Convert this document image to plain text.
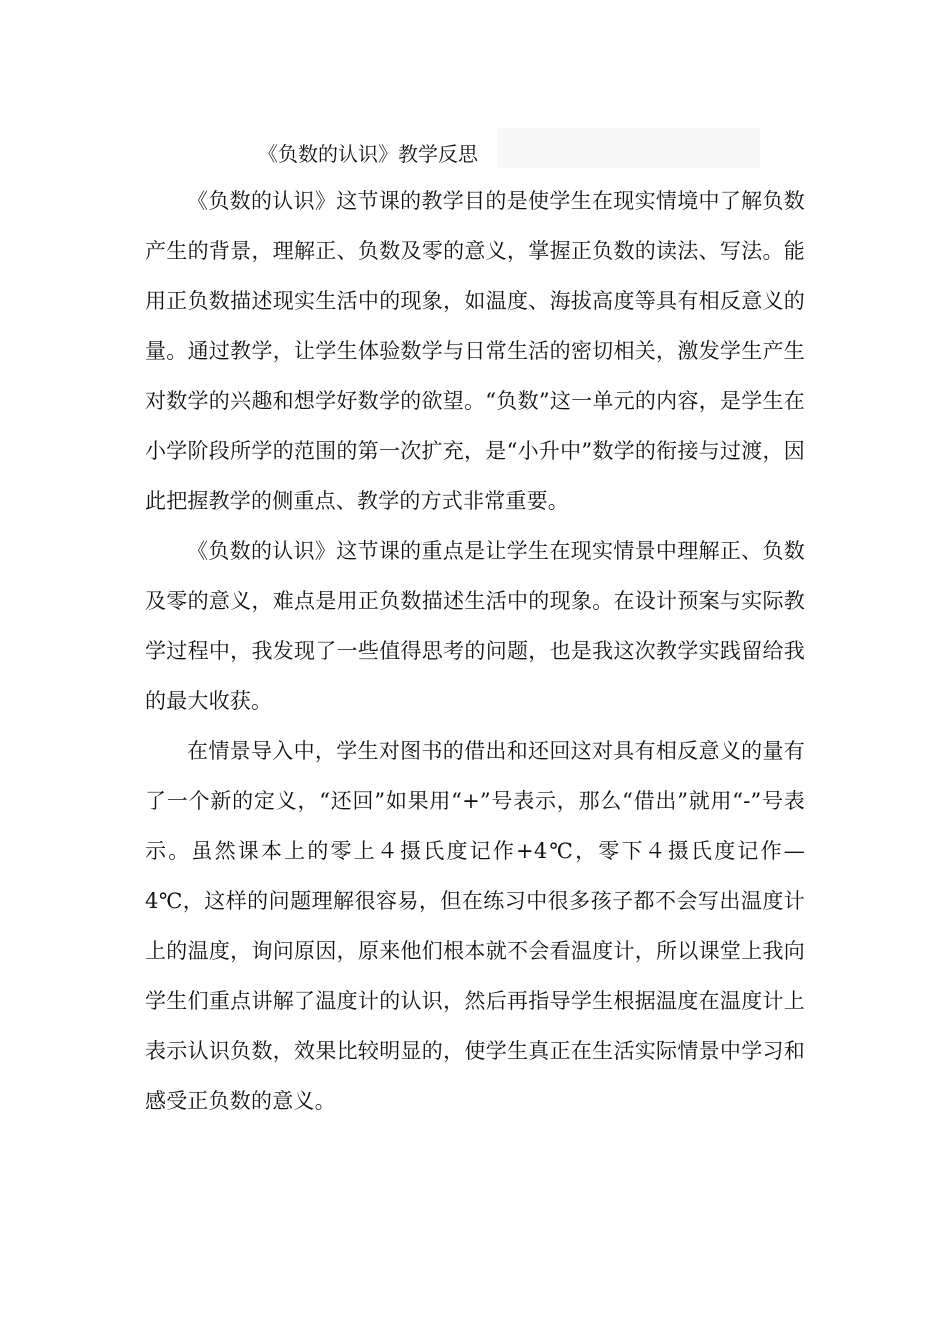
《负数的认识》教学反思

《负数的认识》这节课的教学目的是使学生在现实情境中了解负数产生的背景，理解正、负数及零的意义，掌握正负数的读法、写法。能用正负数描述现实生活中的现象，如温度、海拔高度等具有相反意义的量。通过教学，让学生体验数学与日常生活的密切相关，激发学生产生对数学的兴趣和想学好数学的欲望。“负数”这一单元的内容，是学生在小学阶段所学的范围的第一次扩充，是“小升中”数学的衔接与过渡，因此把握教学的侧重点、教学的方式非常重要。

《负数的认识》这节课的重点是让学生在现实情景中理解正、负数及零的意义，难点是用正负数描述生活中的现象。在设计预案与实际教学过程中，我发现了一些值得思考的问题，也是我这次教学实践留给我的最大收获。

在情景导入中，学生对图书的借出和还回这对具有相反意义的量有了一个新的定义，“还回”如果用“+”号表示，那么“借出”就用“-”号表示。虽然课本上的零上４摄氏度记作+4℃，零下４摄氏度记作—4℃，这样的问题理解很容易，但在练习中很多孩子都不会写出温度计上的温度，询问原因，原来他们根本就不会看温度计，所以课堂上我向学生们重点讲解了温度计的认识，然后再指导学生根据温度在温度计上表示认识负数，效果比较明显的，使学生真正在生活实际情景中学习和感受正负数的意义。
